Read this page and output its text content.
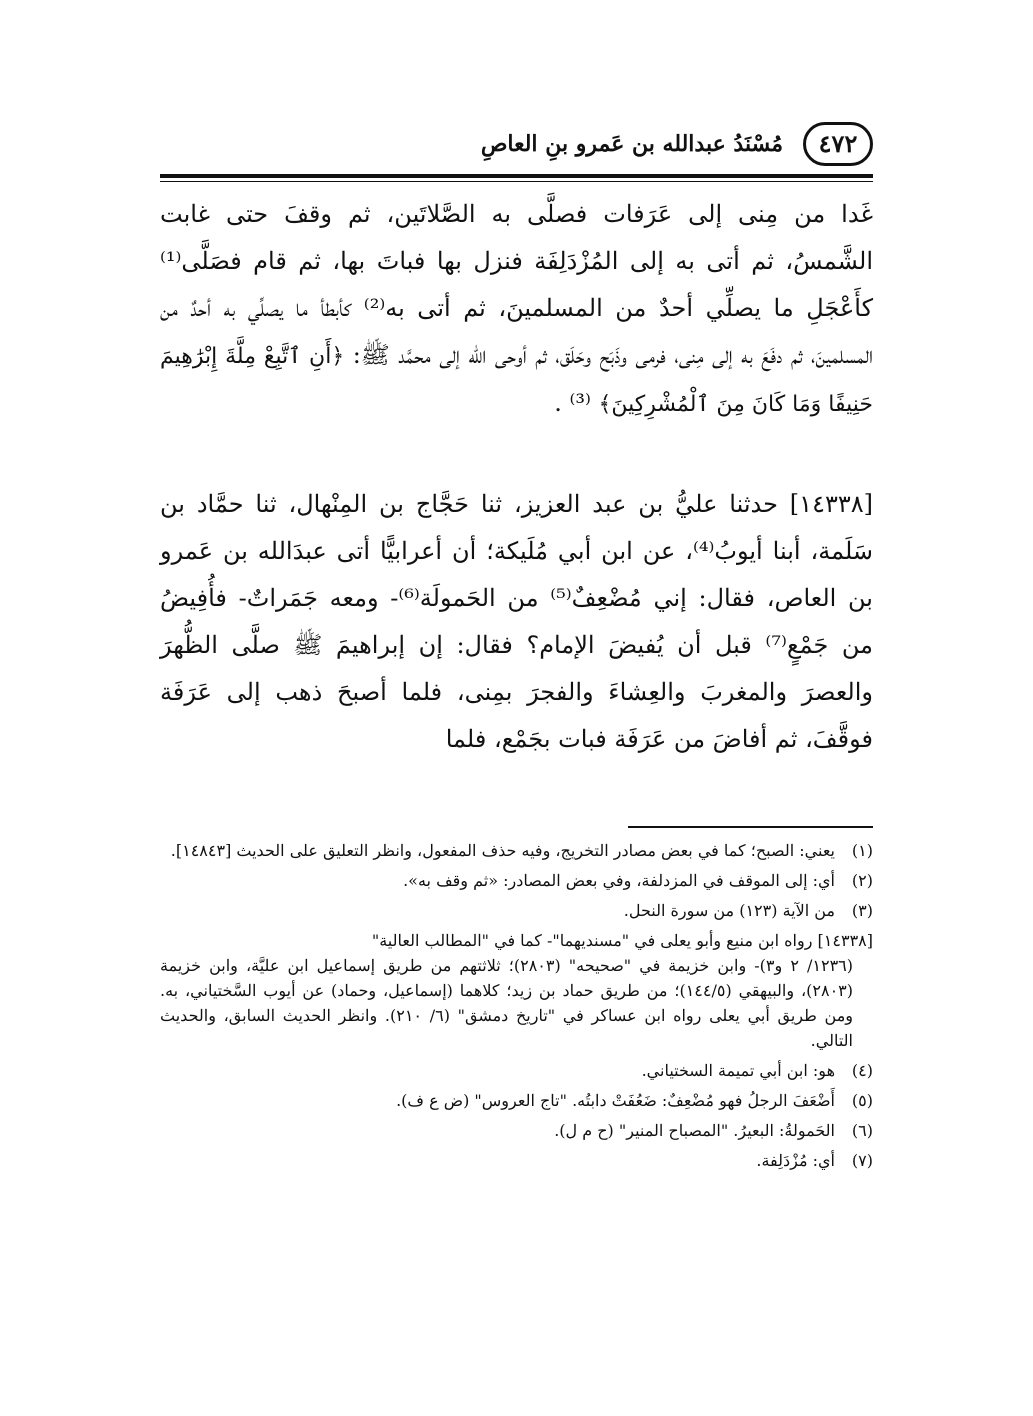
٤٧٢
مُسْنَدُ عبدالله بن عَمرو بنِ العاصِ
غَدا من مِنى إلى عَرَفات فصلَّى به الصَّلاتَين، ثم وقفَ حتى غابت الشَّمسُ، ثم أتى به إلى المُزْدَلِفَة فنزل بها فباتَ بها، ثم قام فصَلَّى⁽¹⁾ كأَعْجَلِ ما يصلِّي أحدٌ من المسلمينَ، ثم أتى به⁽²⁾ كأبطأ ما يصلِّي به أحدٌ من المسلمينَ، ثم دفَعَ به إلى مِنى، فرمى وذَبَح وحَلَق، ثم أوحى الله إلى محمَّد ﷺ: ﴿أَنِ ٱتَّبِعْ مِلَّةَ إِبْرَٰهِيمَ حَنِيفًا وَمَا كَانَ مِنَ ٱلْمُشْرِكِينَ﴾ ⁽³⁾ .
[١٤٣٣٨] حدثنا عليُّ بن عبد العزيز، ثنا حَجَّاج بن المِنْهال، ثنا حمَّاد بن سَلَمة، أبنا أيوبُ⁽⁴⁾، عن ابن أبي مُلَيكة؛ أن أعرابيًّا أتى عبدَالله بن عَمرو بن العاص، فقال: إني مُضْعِفٌ⁽⁵⁾ من الحَمولَة⁽⁶⁾- ومعه جَمَراتٌ- فأُفِيضُ من جَمْعٍ⁽⁷⁾ قبل أن يُفيضَ الإمام؟ فقال: إن إبراهيمَ ﷺ صلَّى الظُّهرَ والعصرَ والمغربَ والعِشاءَ والفجرَ بمِنى، فلما أصبحَ ذهب إلى عَرَفَة فوقَّفَ، ثم أفاضَ من عَرَفَة فبات بجَمْع، فلما
(١)
يعني: الصبح؛ كما في بعض مصادر التخريج، وفيه حذف المفعول، وانظر التعليق على الحديث [١٤٨٤٣].
(٢)
أي: إلى الموقف في المزدلفة، وفي بعض المصادر: «ثم وقف به».
(٣)
من الآية (١٢٣) من سورة النحل.
[١٤٣٣٨] رواه ابن منيع وأبو يعلى في "مسنديهما"- كما في "المطالب العالية"
(١٢٣٦/ ٢ و٣)- وابن خزيمة في "صحيحه" (٢٨٠٣)؛ ثلاثتهم من طريق إسماعيل ابن عليَّة، وابن خزيمة (٢٨٠٣)، والبيهقي (١٤٤/٥)؛ من طريق حماد بن زيد؛ كلاهما (إسماعيل، وحماد) عن أيوب السَّختياني، به. ومن طريق أبي يعلى رواه ابن عساكر في "تاريخ دمشق" (٦/ ٢١٠). وانظر الحديث السابق، والحديث التالي.
(٤)
هو: ابن أبي تميمة السختياني.
(٥)
أَضْعَفَ الرجلُ فهو مُضْعِفٌ: ضَعُفَتْ دابتُه. "تاج العروس" (ض ع ف).
(٦)
الحَمولةُ: البعيرُ. "المصباح المنير" (ح م ل).
(٧)
أي: مُزْدَلِفة.
